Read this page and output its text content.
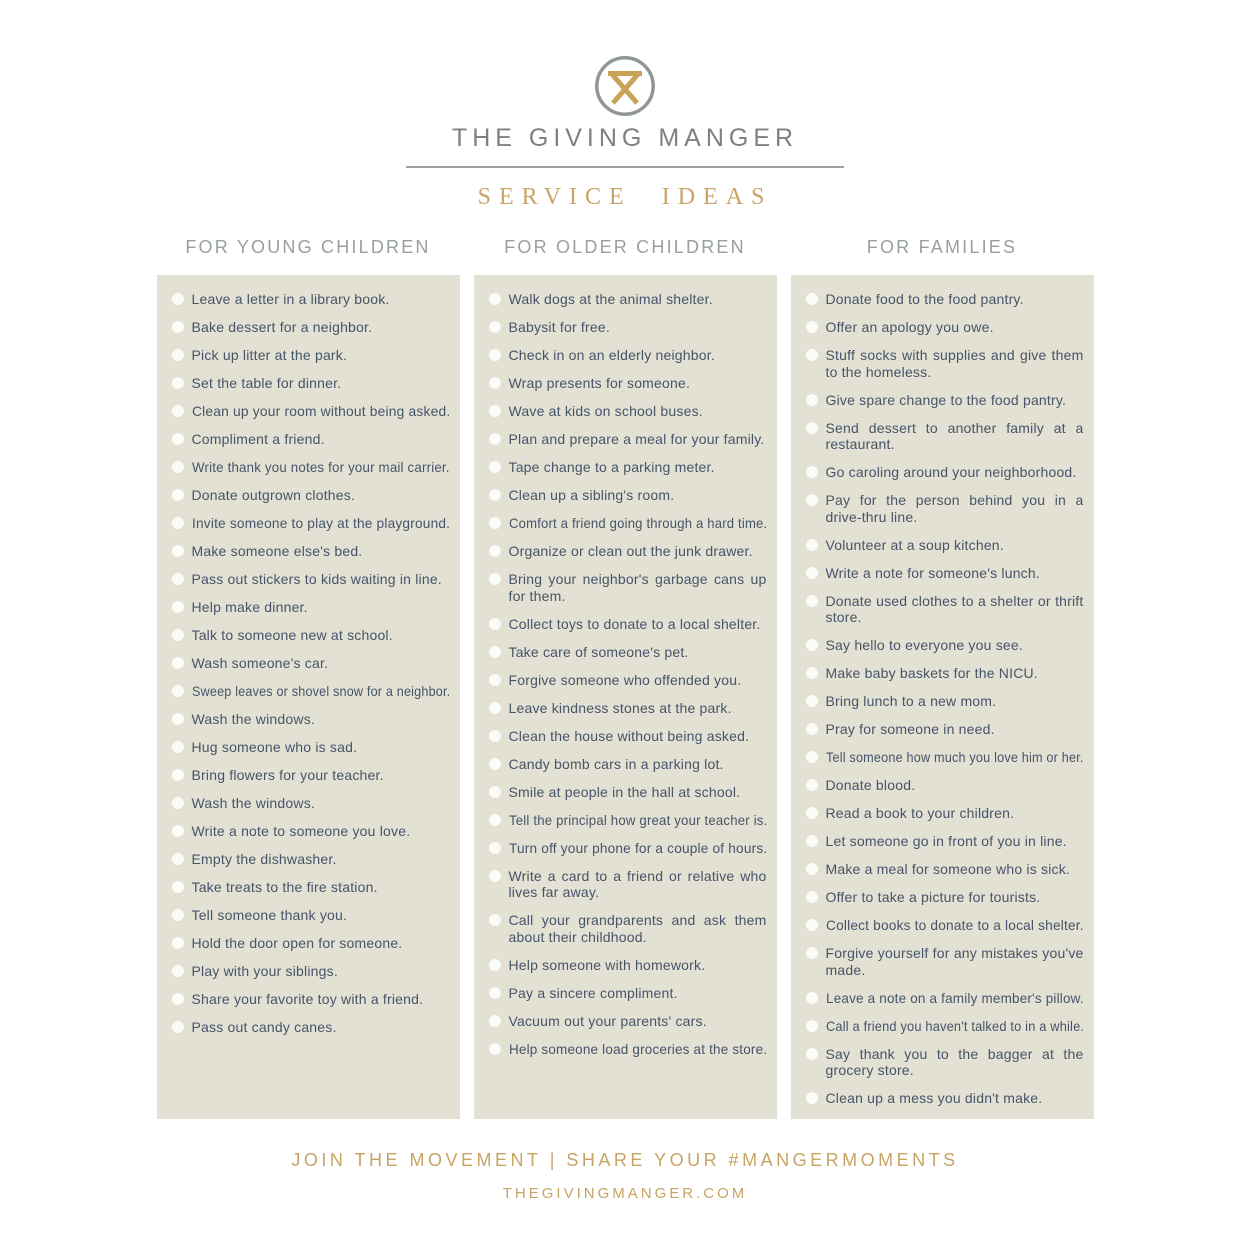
THE GIVING MANGER
SERVICE IDEAS
FOR YOUNG CHILDREN
Leave a letter in a library book.
Bake dessert for a neighbor.
Pick up litter at the park.
Set the table for dinner.
Clean up your room without being asked.
Compliment a friend.
Write thank you notes for your mail carrier.
Donate outgrown clothes.
Invite someone to play at the playground.
Make someone else's bed.
Pass out stickers to kids waiting in line.
Help make dinner.
Talk to someone new at school.
Wash someone's car.
Sweep leaves or shovel snow for a neighbor.
Wash the windows.
Hug someone who is sad.
Bring flowers for your teacher.
Wash the windows.
Write a note to someone you love.
Empty the dishwasher.
Take treats to the fire station.
Tell someone thank you.
Hold the door open for someone.
Play with your siblings.
Share your favorite toy with a friend.
Pass out candy canes.
FOR OLDER CHILDREN
Walk dogs at the animal shelter.
Babysit for free.
Check in on an elderly neighbor.
Wrap presents for someone.
Wave at kids on school buses.
Plan and prepare a meal for your family.
Tape change to a parking meter.
Clean up a sibling's room.
Comfort a friend going through a hard time.
Organize or clean out the junk drawer.
Bring your neighbor's garbage cans up for them.
Collect toys to donate to a local shelter.
Take care of someone's pet.
Forgive someone who offended you.
Leave kindness stones at the park.
Clean the house without being asked.
Candy bomb cars in a parking lot.
Smile at people in the hall at school.
Tell the principal how great your teacher is.
Turn off your phone for a couple of hours.
Write a card to a friend or relative who lives far away.
Call your grandparents and ask them about their childhood.
Help someone with homework.
Pay a sincere compliment.
Vacuum out your parents' cars.
Help someone load groceries at the store.
FOR FAMILIES
Donate food to the food pantry.
Offer an apology you owe.
Stuff socks with supplies and give them to the homeless.
Give spare change to the food pantry.
Send dessert to another family at a restaurant.
Go caroling around your neighborhood.
Pay for the person behind you in a drive-thru line.
Volunteer at a soup kitchen.
Write a note for someone's lunch.
Donate used clothes to a shelter or thrift store.
Say hello to everyone you see.
Make baby baskets for the NICU.
Bring lunch to a new mom.
Pray for someone in need.
Tell someone how much you love him or her.
Donate blood.
Read a book to your children.
Let someone go in front of you in line.
Make a meal for someone who is sick.
Offer to take a picture for tourists.
Collect books to donate to a local shelter.
Forgive yourself for any mistakes you've made.
Leave a note on a family member's pillow.
Call a friend you haven't talked to in a while.
Say thank you to the bagger at the grocery store.
Clean up a mess you didn't make.
JOIN THE MOVEMENT | SHARE YOUR #MANGERMOMENTS
THEGIVINGMANGER.COM
